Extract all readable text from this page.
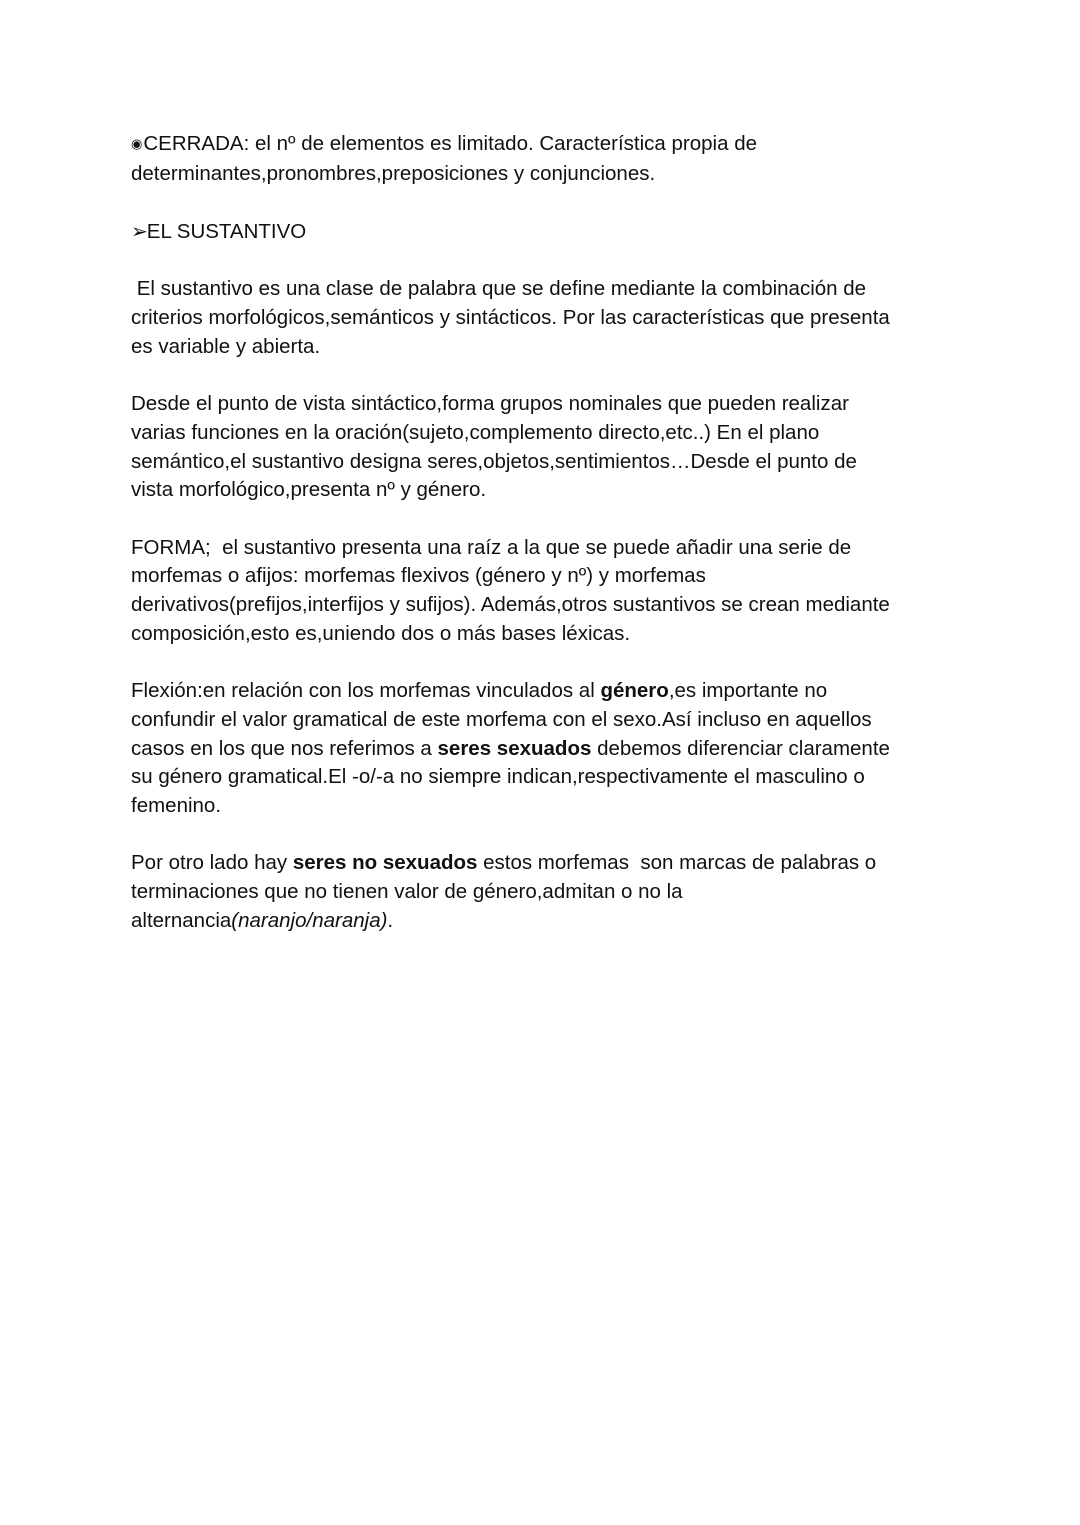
◉CERRADA: el nº de elementos es limitado. Característica propia de
determinantes,pronombres,preposiciones y conjunciones.
➢EL SUSTANTIVO
El sustantivo es una clase de palabra que se define mediante la combinación de
criterios morfológicos,semánticos y sintácticos. Por las características que presenta
es variable y abierta.
Desde el punto de vista sintáctico,forma grupos nominales que pueden realizar
varias funciones en la oración(sujeto,complemento directo,etc..) En el plano
semántico,el sustantivo designa seres,objetos,sentimientos…Desde el punto de
vista morfológico,presenta nº y género.
FORMA;  el sustantivo presenta una raíz a la que se puede añadir una serie de
morfemas o afijos: morfemas flexivos (género y nº) y morfemas
derivativos(prefijos,interfijos y sufijos). Además,otros sustantivos se crean mediante
composición,esto es,uniendo dos o más bases léxicas.
Flexión:en relación con los morfemas vinculados al género,es importante no
confundir el valor gramatical de este morfema con el sexo.Así incluso en aquellos
casos en los que nos referimos a seres sexuados debemos diferenciar claramente
su género gramatical.El -o/-a no siempre indican,respectivamente el masculino o
femenino.
Por otro lado hay seres no sexuados estos morfemas  son marcas de palabras o
terminaciones que no tienen valor de género,admitan o no la
alternancia(naranjo/naranja).
